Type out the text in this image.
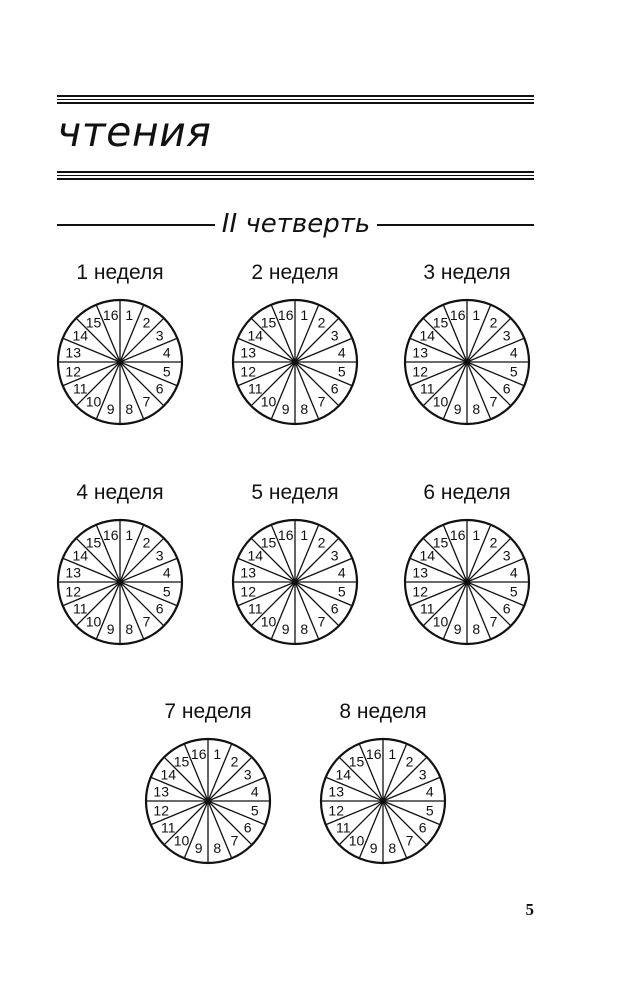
чтения
II четверть
1 неделя
1 2
3
4
5
6
7
8
9
10
11
12
13
14
15 16
2 неделя
1 2
3
4
5
6
7
8
9
10
11
12
13
14
15 16
3 неделя
1 2
3
4
5
6
7
8
9
10
11
12
13
14
15 16
4 неделя
1 2
3
4
5
6
7
8
9
10
11
12
13
14
15 16
5 неделя
1 2
3
4
5
6
7
8
9
10
11
12
13
14
15 16
6 неделя
1 2
3
4
5
6
7
8
9
10
11
12
13
14
15 16
7 неделя
1 2
3
4
5
6
7
8
9
10
11
12
13
14
15 16
8 неделя
1 2
3
4
5
6
7
8
9
10
11
12
13
14
15 16
5
